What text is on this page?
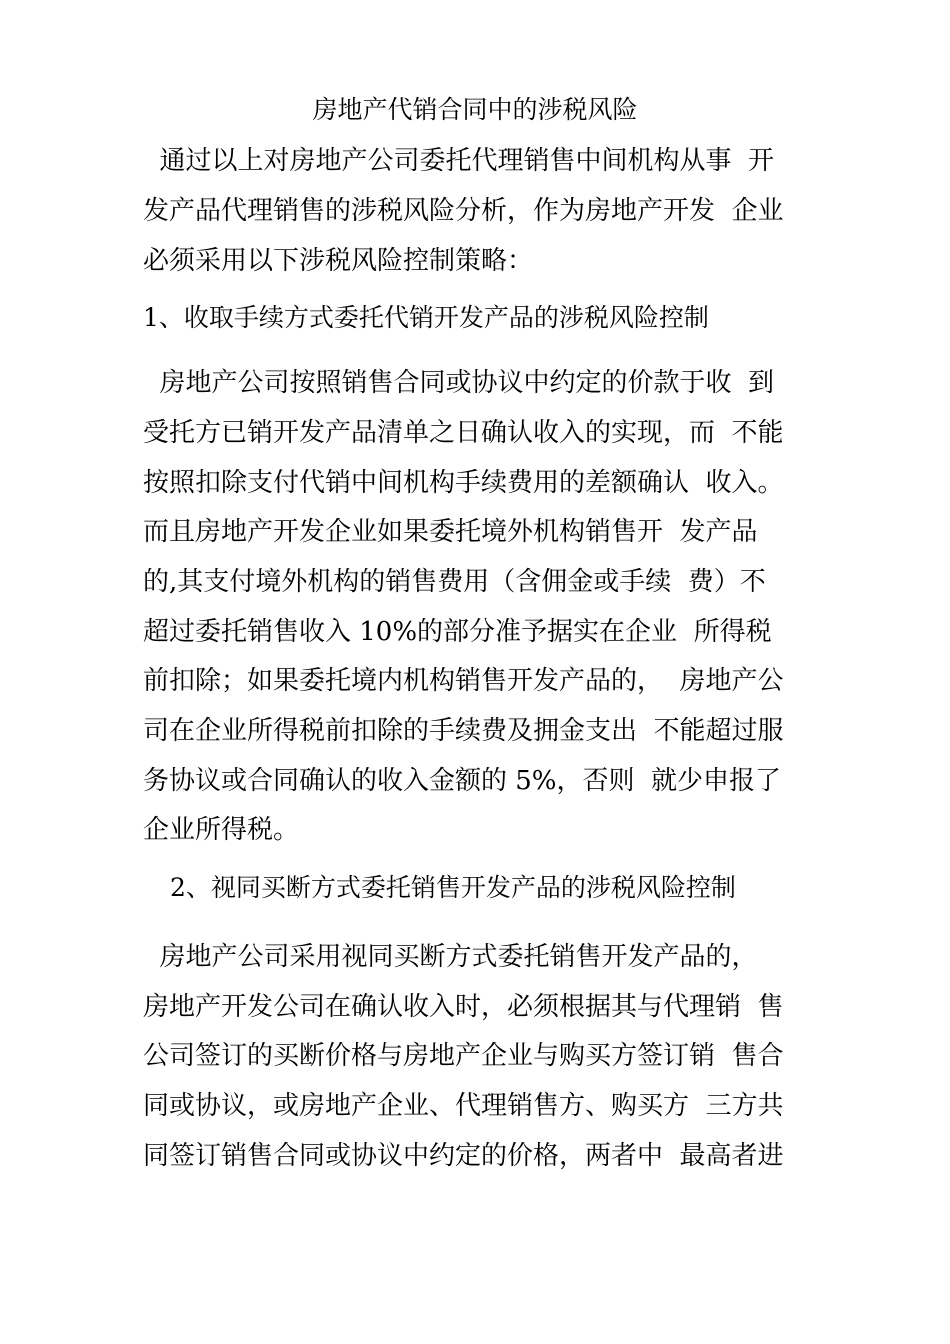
房地产代销合同中的涉税风险
通过以上对房地产公司委托代理销售中间机构从事  开
发产品代理销售的涉税风险分析，作为房地产开发  企业
必须采用以下涉税风险控制策略：
1、收取手续方式委托代销开发产品的涉税风险控制
房地产公司按照销售合同或协议中约定的价款于收  到
受托方已销开发产品清单之日确认收入的实现，而  不能
按照扣除支付代销中间机构手续费用的差额确认  收入。
而且房地产开发企业如果委托境外机构销售开  发产品
的,其支付境外机构的销售费用（含佣金或手续  费）不
超过委托销售收入 10%的部分准予据实在企业  所得税
前扣除；如果委托境内机构销售开发产品的，  房地产公
司在企业所得税前扣除的手续费及拥金支出  不能超过服
务协议或合同确认的收入金额的 5%，否则  就少申报了
企业所得税。
2、视同买断方式委托销售开发产品的涉税风险控制
房地产公司采用视同买断方式委托销售开发产品的，
房地产开发公司在确认收入时，必须根据其与代理销  售
公司签订的买断价格与房地产企业与购买方签订销  售合
同或协议，或房地产企业、代理销售方、购买方  三方共
同签订销售合同或协议中约定的价格，两者中  最高者进
